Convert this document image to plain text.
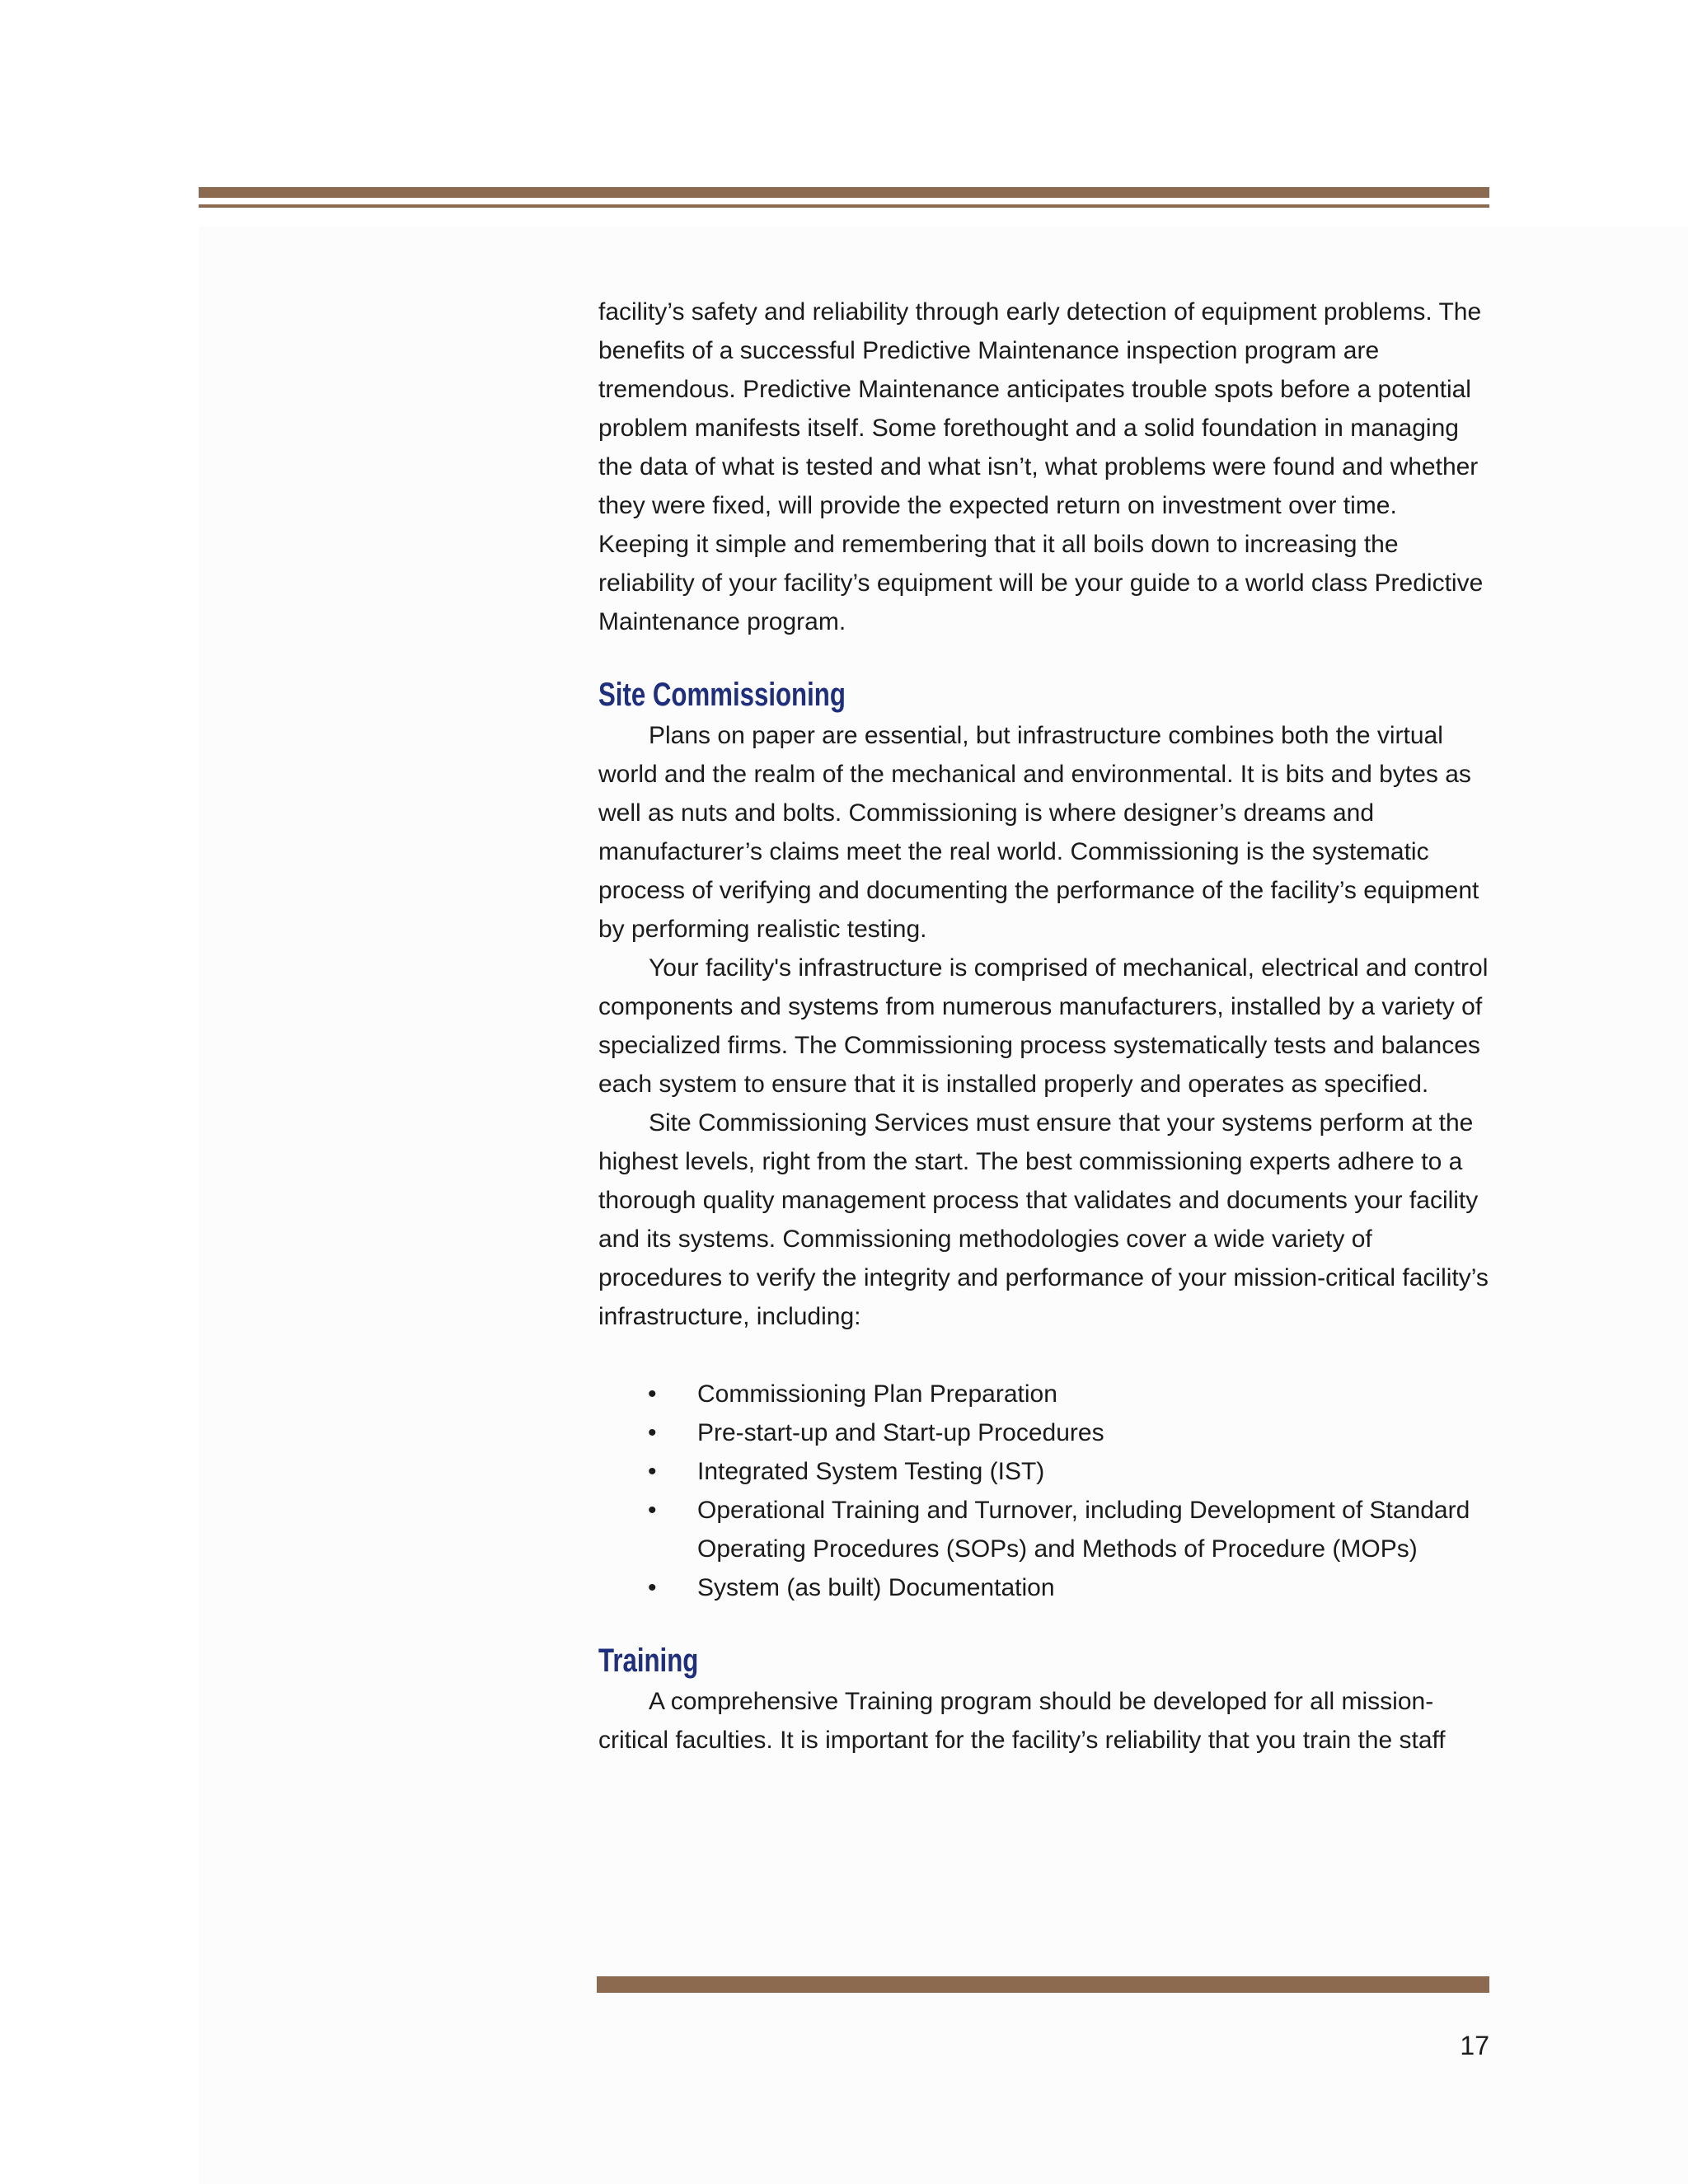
facility’s safety and reliability through early detection of equipment problems. The benefits of a successful Predictive Maintenance inspection program are tremendous. Predictive Maintenance anticipates trouble spots before a potential problem manifests itself. Some forethought and a solid foundation in managing the data of what is tested and what isn’t, what problems were found and whether they were fixed, will provide the expected return on investment over time. Keeping it simple and remembering that it all boils down to increasing the reliability of your facility’s equipment will be your guide to a world class Predictive Maintenance program.

Site Commissioning

Plans on paper are essential, but infrastructure combines both the virtual world and the realm of the mechanical and environmental. It is bits and bytes as well as nuts and bolts. Commissioning is where designer’s dreams and manufacturer’s claims meet the real world. Commissioning is the systematic process of verifying and documenting the performance of the facility’s equipment by performing realistic testing.

Your facility's infrastructure is comprised of mechanical, electrical and control components and systems from numerous manufacturers, installed by a variety of specialized firms. The Commissioning process systematically tests and balances each system to ensure that it is installed properly and operates as specified.

Site Commissioning Services must ensure that your systems perform at the highest levels, right from the start. The best commissioning experts adhere to a thorough quality management process that validates and documents your facility and its systems. Commissioning methodologies cover a wide variety of procedures to verify the integrity and performance of your mission-critical facility’s infrastructure, including:

• Commissioning Plan Preparation
• Pre-start-up and Start-up Procedures
• Integrated System Testing (IST)
• Operational Training and Turnover, including Development of Standard Operating Procedures (SOPs) and Methods of Procedure (MOPs)
• System (as built) Documentation
Training

A comprehensive Training program should be developed for all mission-critical faculties. It is important for the facility’s reliability that you train the staff

17
